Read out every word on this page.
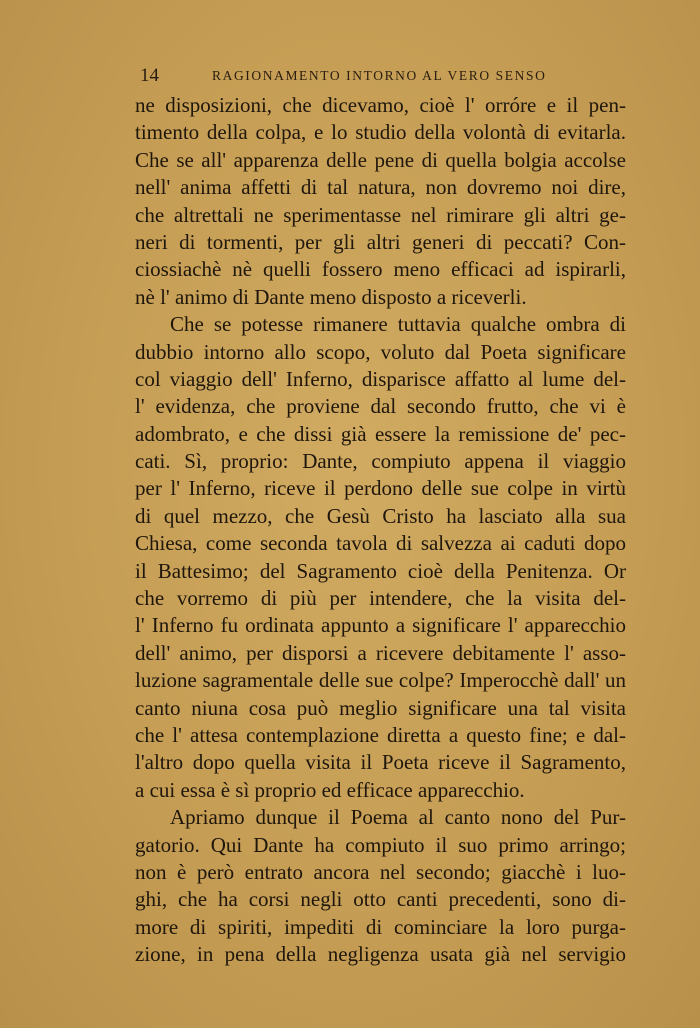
14	RAGIONAMENTO INTORNO AL VERO SENSO
ne disposizioni, che dicevamo, cioè l' orróre e il pen-
timento della colpa, e lo studio della volontà di evitarla.
Che se all' apparenza delle pene di quella bolgia accolse
nell' anima affetti di tal natura, non dovremo noi dire,
che altrettali ne sperimentasse nel rimirare gli altri ge-
neri di tormenti, per gli altri generi di peccati? Con-
ciossiachè nè quelli fossero meno efficaci ad ispirarli,
nè l' animo di Dante meno disposto a riceverli.
Che se potesse rimanere tuttavia qualche ombra di
dubbio intorno allo scopo, voluto dal Poeta significare
col viaggio dell' Inferno, disparisce affatto al lume del-
l' evidenza, che proviene dal secondo frutto, che vi è
adombrato, e che dissi già essere la remissione de' pec-
cati. Sì, proprio: Dante, compiuto appena il viaggio
per l' Inferno, riceve il perdono delle sue colpe in virtù
di quel mezzo, che Gesù Cristo ha lasciato alla sua
Chiesa, come seconda tavola di salvezza ai caduti dopo
il Battesimo; del Sagramento cioè della Penitenza. Or
che vorremo di più per intendere, che la visita del-
l' Inferno fu ordinata appunto a significare l' apparecchio
dell' animo, per disporsi a ricevere debitamente l' asso-
luzione sagramentale delle sue colpe? Imperocchè dall' un
canto niuna cosa può meglio significare una tal visita
che l' attesa contemplazione diretta a questo fine; e dal-
l'altro dopo quella visita il Poeta riceve il Sagramento,
a cui essa è sì proprio ed efficace apparecchio.
Apriamo dunque il Poema al canto nono del Pur-
gatorio. Qui Dante ha compiuto il suo primo arringo;
non è però entrato ancora nel secondo; giacchè i luo-
ghi, che ha corsi negli otto canti precedenti, sono di-
more di spiriti, impediti di cominciare la loro purga-
zione, in pena della negligenza usata già nel servigio
